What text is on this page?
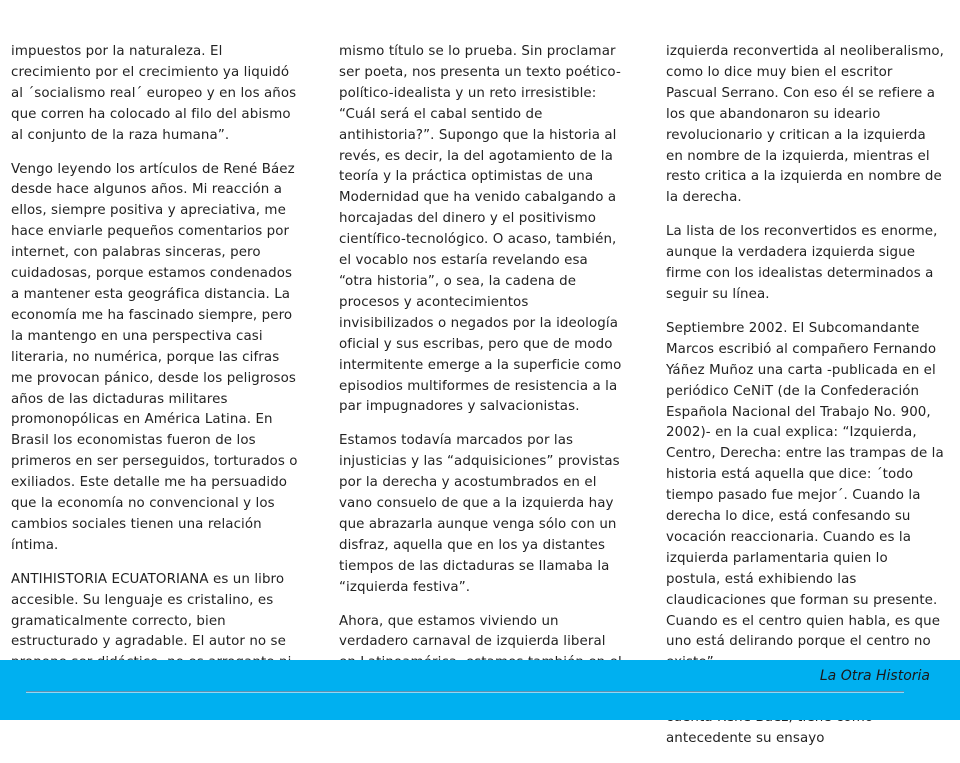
impuestos por la naturaleza. El crecimiento por el crecimiento ya liquidó al ´socialismo real´ europeo y en los años que corren ha colocado al filo del abismo al conjunto de la raza humana”.

Vengo leyendo los artículos de René Báez desde hace algunos años. Mi reacción a ellos, siempre positiva y apreciativa, me hace enviarle pequeños comentarios por internet, con palabras sinceras, pero cuidadosas, porque estamos condenados a mantener esta geográfica distancia. La economía me ha fascinado siempre, pero la mantengo en una perspectiva casi literaria, no numérica, porque las cifras me provocan pánico, desde los peligrosos años de las dictaduras militares promonopólicas en América Latina. En Brasil los economistas fueron de los primeros en ser perseguidos, torturados o exiliados. Este detalle me ha persuadido que la economía no convencional y los cambios sociales tienen una relación íntima.

ANTIHISTORIA ECUATORIANA es un libro accesible. Su lenguaje es cristalino, es gramaticalmente correcto, bien estructurado y agradable. El autor no se

mismo título se lo prueba. Sin proclamar ser poeta, nos presenta un texto poético-político-idealista y un reto irresistible: “Cuál será el cabal sentido de antihistoria?”. Supongo que la historia al revés, es decir, la del agotamiento de la teoría y la práctica optimistas de una Modernidad que ha venido cabalgando a horcajadas del dinero y el positivismo científico-tecnológico. O acaso, también, el vocablo nos estaría revelando esa “otra historia”, o sea, la cadena de procesos y acontecimientos invisibilizados o negados por la ideología oficial y sus escribas, pero que de modo intermitente emerge a la superficie como episodios multiformes de resistencia a la par impugnadores y salvacionistas.

Estamos todavía marcados por las injusticias y las “adquisiciones” provistas por la derecha y acostumbrados en el vano consuelo de que a la izquierda hay que abrazarla aunque venga sólo con un disfraz, aquella que en los ya distantes tiempos de las dictaduras se llamaba la “izquierda festiva”.

Ahora, que estamos viviendo un verdadero carnaval de izquierda liberal

izquierda reconvertida al neoliberalismo, como lo dice muy bien el escritor Pascual Serrano. Con eso él se refiere a los que abandonaron su ideario revolucionario y critican a la izquierda en nombre de la izquierda, mientras el resto critica a la izquierda en nombre de la derecha.

La lista de los reconvertidos es enorme, aunque la verdadera izquierda sigue firme con los idealistas determinados a seguir su línea.

Septiembre 2002. El Subcomandante Marcos escribió al compañero Fernando Yáñez Muñoz una carta -publicada en el periódico CeNiT (de la Confederación Española Nacional del Trabajo No. 900, 2002)- en la cual explica: “Izquierda, Centro, Derecha: entre las trampas de la historia está aquella que dice: ´todo tiempo pasado fue mejor´. Cuando la derecha lo dice, está confesando su vocación reaccionaria. Cuando es la izquierda parlamentaria quien lo postula, está exhibiendo las claudicaciones que forman su presente. Cuando es el centro quien habla, es que uno está delirando porque el centro no

antecedente su ensayo

La Otra Historia
